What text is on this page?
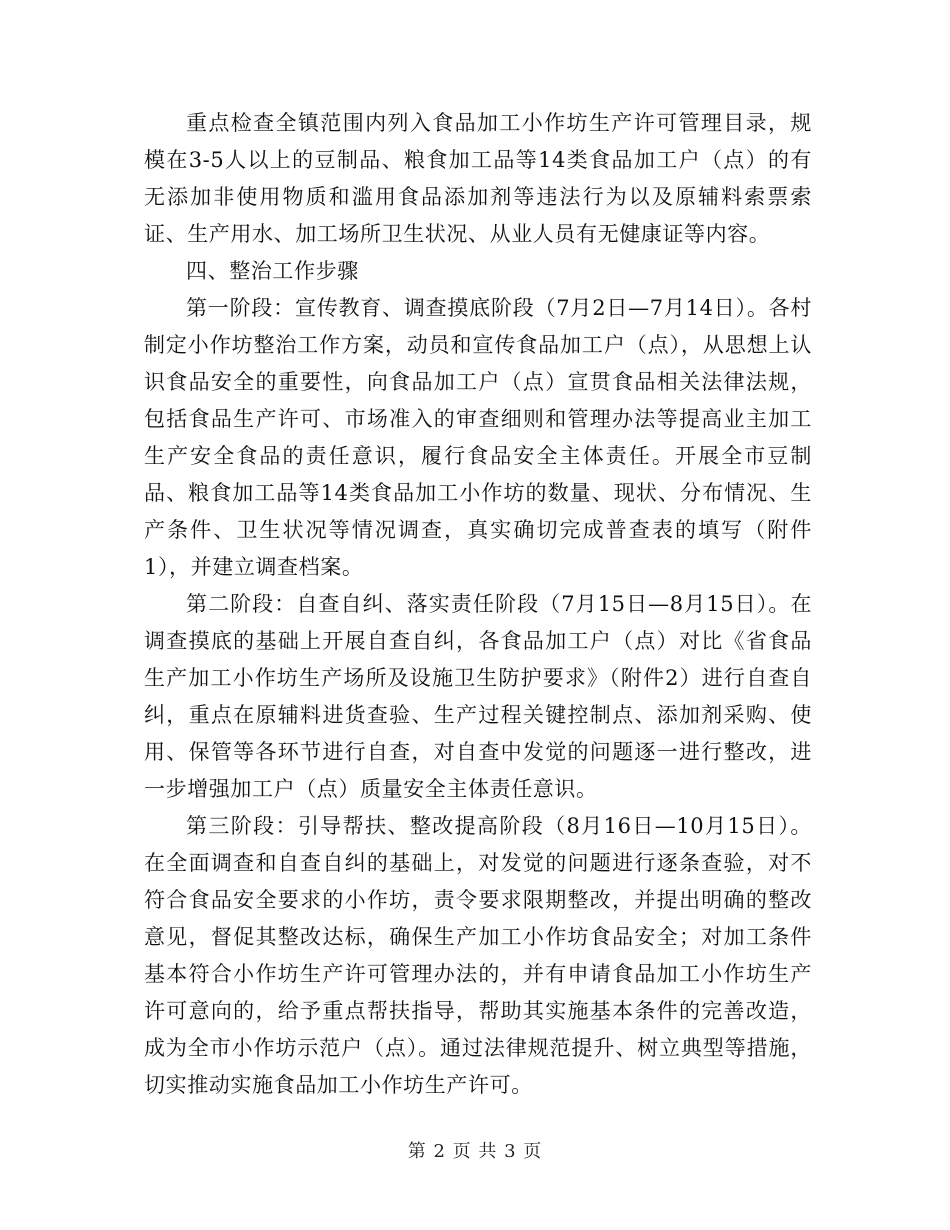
重点检查全镇范围内列入食品加工小作坊生产许可管理目录，规模在3-5人以上的豆制品、粮食加工品等14类食品加工户（点）的有无添加非使用物质和滥用食品添加剂等违法行为以及原辅料索票索证、生产用水、加工场所卫生状况、从业人员有无健康证等内容。

四、整治工作步骤

第一阶段：宣传教育、调查摸底阶段（7月2日—7月14日）。各村制定小作坊整治工作方案，动员和宣传食品加工户（点），从思想上认识食品安全的重要性，向食品加工户（点）宣贯食品相关法律法规，包括食品生产许可、市场准入的审查细则和管理办法等提高业主加工生产安全食品的责任意识，履行食品安全主体责任。开展全市豆制品、粮食加工品等14类食品加工小作坊的数量、现状、分布情况、生产条件、卫生状况等情况调查，真实确切完成普查表的填写（附件1），并建立调查档案。

第二阶段：自查自纠、落实责任阶段（7月15日—8月15日）。在调查摸底的基础上开展自查自纠，各食品加工户（点）对比《省食品生产加工小作坊生产场所及设施卫生防护要求》（附件2）进行自查自纠，重点在原辅料进货查验、生产过程关键控制点、添加剂采购、使用、保管等各环节进行自查，对自查中发觉的问题逐一进行整改，进一步增强加工户（点）质量安全主体责任意识。

第三阶段：引导帮扶、整改提高阶段（8月16日—10月15日）。在全面调查和自查自纠的基础上，对发觉的问题进行逐条查验，对不符合食品安全要求的小作坊，责令要求限期整改，并提出明确的整改意见，督促其整改达标，确保生产加工小作坊食品安全；对加工条件基本符合小作坊生产许可管理办法的，并有申请食品加工小作坊生产许可意向的，给予重点帮扶指导，帮助其实施基本条件的完善改造，成为全市小作坊示范户（点）。通过法律规范提升、树立典型等措施，切实推动实施食品加工小作坊生产许可。

第 2 页 共 3 页
